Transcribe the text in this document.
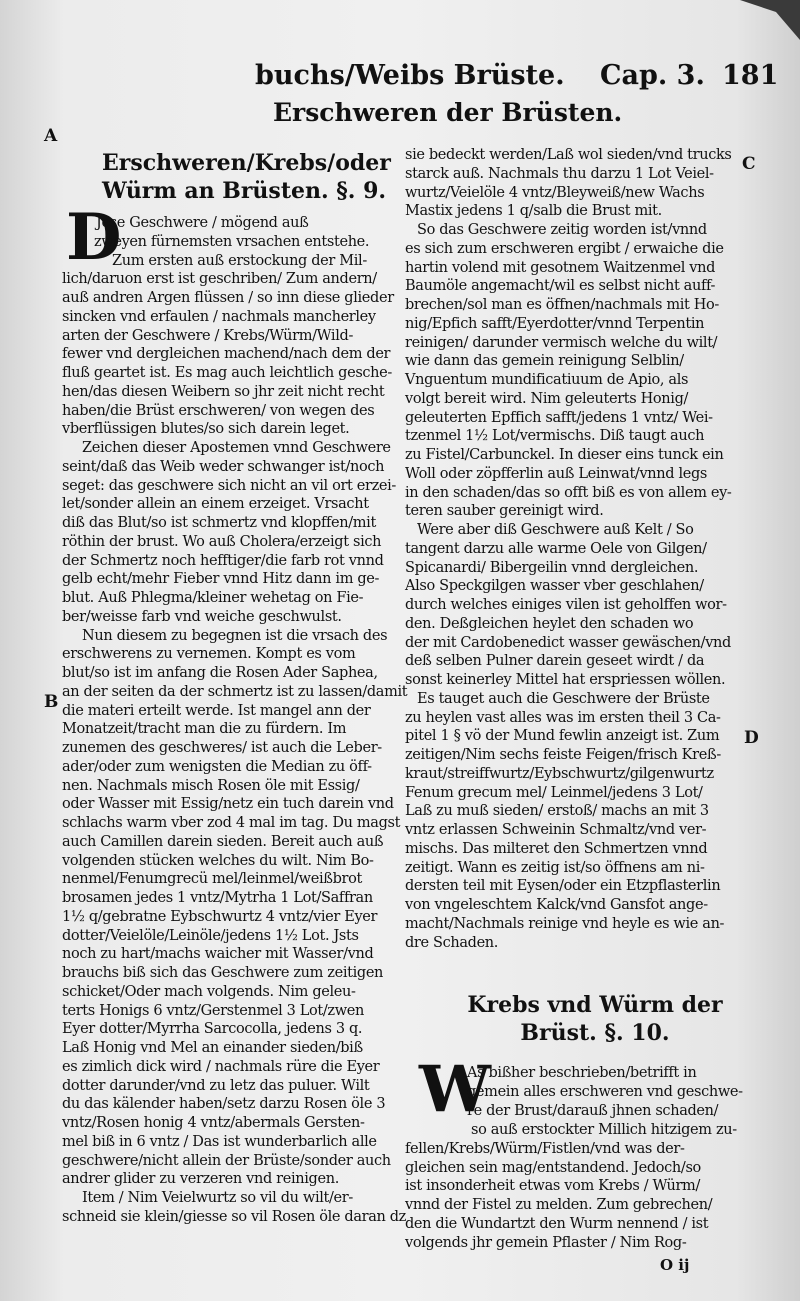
buchs/Weibs Brüste. Cap. 3. 181
Erschweren der Brüsten.
A
B
C
D
Erschweren/Krebs/oder
Würm an Brüsten. §. 9.
D
Jese Geschwere / mögend auß
zweyen fürnemsten vrsachen entstehe.
Zum ersten auß erstockung der Mil-
lich/daruon erst ist geschriben/ Zum andern/
auß andren Argen flüssen / so inn diese glieder
sincken vnd erfaulen / nachmals mancherley
arten der Geschwere / Krebs/Würm/Wild-
fewer vnd dergleichen machend/nach dem der
fluß geartet ist. Es mag auch leichtlich gesche-
hen/das diesen Weibern so jhr zeit nicht recht
haben/die Brüst erschweren/ von wegen des
vberflüssigen blutes/so sich darein leget.
Zeichen dieser Apostemen vnnd Geschwere
seint/daß das Weib weder schwanger ist/noch
seget: das geschwere sich nicht an vil ort erzei-
let/sonder allein an einem erzeiget. Vrsacht
diß das Blut/so ist schmertz vnd klopffen/mit
röthin der brust. Wo auß Cholera/erzeigt sich
der Schmertz noch hefftiger/die farb rot vnnd
gelb echt/mehr Fieber vnnd Hitz dann im ge-
blut. Auß Phlegma/kleiner wehetag on Fie-
ber/weisse farb vnd weiche geschwulst.
Nun diesem zu begegnen ist die vrsach des
erschwerens zu vernemen. Kompt es vom
blut/so ist im anfang die Rosen Ader Saphea,
an der seiten da der schmertz ist zu lassen/damit
die materi erteilt werde. Ist mangel ann der
Monatzeit/tracht man die zu fürdern. Im
zunemen des geschweres/ ist auch die Leber-
ader/oder zum wenigsten die Median zu öff-
nen. Nachmals misch Rosen öle mit Essig/
oder Wasser mit Essig/netz ein tuch darein vnd
schlachs warm vber zod 4 mal im tag. Du magst
auch Camillen darein sieden. Bereit auch auß
volgenden stücken welches du wilt. Nim Bo-
nenmel/Fenumgrecü mel/leinmel/weißbrot
brosamen jedes 1 vntz/Mytrha 1 Lot/Saffran
1½ q/gebratne Eybschwurtz 4 vntz/vier Eyer
dotter/Veielöle/Leinöle/jedens 1½ Lot. Jsts
noch zu hart/machs waicher mit Wasser/vnd
brauchs biß sich das Geschwere zum zeitigen
schicket/Oder mach volgends. Nim geleu-
terts Honigs 6 vntz/Gerstenmel 3 Lot/zwen
Eyer dotter/Myrrha Sarcocolla, jedens 3 q.
Laß Honig vnd Mel an einander sieden/biß
es zimlich dick wird / nachmals rüre die Eyer
dotter darunder/vnd zu letz das puluer. Wilt
du das kälender haben/setz darzu Rosen öle 3
vntz/Rosen honig 4 vntz/abermals Gersten-
mel biß in 6 vntz / Das ist wunderbarlich alle
geschwere/nicht allein der Brüste/sonder auch
andrer glider zu verzeren vnd reinigen.
Item / Nim Veielwurtz so vil du wilt/er-
schneid sie klein/giesse so vil Rosen öle daran dz
sie bedeckt werden/Laß wol sieden/vnd trucks
starck auß. Nachmals thu darzu 1 Lot Veiel-
wurtz/Veielöle 4 vntz/Bleyweiß/new Wachs
Mastix jedens 1 q/salb die Brust mit.
So das Geschwere zeitig worden ist/vnnd
es sich zum erschweren ergibt / erwaiche die
hartin volend mit gesotnem Waitzenmel vnd
Baumöle angemacht/wil es selbst nicht auff-
brechen/sol man es öffnen/nachmals mit Ho-
nig/Epfich safft/Eyerdotter/vnnd Terpentin
reinigen/ darunder vermisch welche du wilt/
wie dann das gemein reinigung Selblin/
Vnguentum mundificatiuum de Apio, als
volgt bereit wird. Nim geleuterts Honig/
geleuterten Epffich safft/jedens 1 vntz/ Wei-
tzenmel 1½ Lot/vermischs. Diß taugt auch
zu Fistel/Carbunckel. In dieser eins tunck ein
Woll oder zöpfferlin auß Leinwat/vnnd legs
in den schaden/das so offt biß es von allem ey-
teren sauber gereinigt wird.
Were aber diß Geschwere auß Kelt / So
tangent darzu alle warme Oele von Gilgen/
Spicanardi/ Bibergeilin vnnd dergleichen.
Also Speckgilgen wasser vber geschlahen/
durch welches einiges vilen ist geholffen wor-
den. Deßgleichen heylet den schaden wo
der mit Cardobenedict wasser gewäschen/vnd
deß selben Pulner darein geseet wirdt / da
sonst keinerley Mittel hat erspriessen wöllen.
Es tauget auch die Geschwere der Brüste
zu heylen vast alles was im ersten theil 3 Ca-
pitel 1 § vö der Mund fewlin anzeigt ist. Zum
zeitigen/Nim sechs feiste Feigen/frisch Kreß-
kraut/streiffwurtz/Eybschwurtz/gilgenwurtz
Fenum grecum mel/ Leinmel/jedens 3 Lot/
Laß zu muß sieden/ erstoß/ machs an mit 3
vntz erlassen Schweinin Schmaltz/vnd ver-
mischs. Das milteret den Schmertzen vnnd
zeitigt. Wann es zeitig ist/so öffnens am ni-
dersten teil mit Eysen/oder ein Etzpflasterlin
von vngeleschtem Kalck/vnd Gansfot ange-
macht/Nachmals reinige vnd heyle es wie an-
dre Schaden.
Krebs vnd Würm der
Brüst. §. 10.
W
As bißher beschrieben/betrifft in
gemein alles erschweren vnd geschwe-
re der Brust/darauß jhnen schaden/
so auß erstockter Millich hitzigem zu-
fellen/Krebs/Würm/Fistlen/vnd was der-
gleichen sein mag/entstandend. Jedoch/so
ist insonderheit etwas vom Krebs / Würm/
vnnd der Fistel zu melden. Zum gebrechen/
den die Wundartzt den Wurm nennend / ist
volgends jhr gemein Pflaster / Nim Rog-
O ij
